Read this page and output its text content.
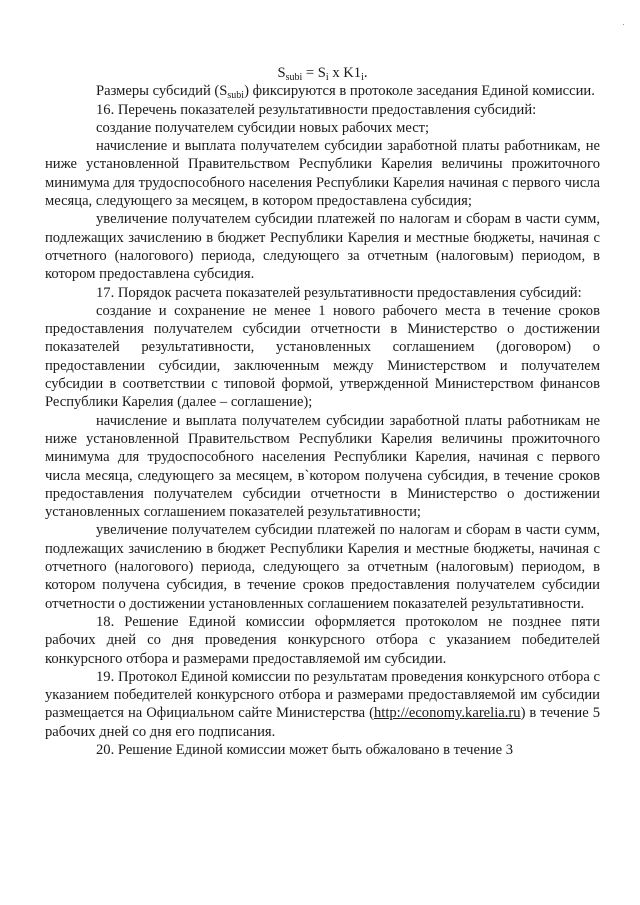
$S_{subi} = S_i$ x $K1_i$.

Размеры субсидий $(S_{subi})$ фиксируются в протоколе заседания Единой комиссии.

16. Перечень показателей результативности предоставления субсидий:

создание получателем субсидии новых рабочих мест;

начисление и выплата получателем субсидии заработной платы работникам, не ниже установленной Правительством Республики Карелия величины прожиточного минимума для трудоспособного населения Республики Карелия начиная с первого числа месяца, следующего за месяцем, в котором предоставлена субсидия;

увеличение получателем субсидии платежей по налогам и сборам в части сумм, подлежащих зачислению в бюджет Республики Карелия и местные бюджеты, начиная с отчетного (налогового) периода, следующего за отчетным (налоговым) периодом, в котором предоставлена субсидия.

17. Порядок расчета показателей результативности предоставления субсидий:

создание и сохранение не менее 1 нового рабочего места в течение сроков предоставления получателем субсидии отчетности в Министерство о достижении показателей результативности, установленных соглашением (договором) о предоставлении субсидии, заключенным между Министерством и получателем субсидии в соответствии с типовой формой, утвержденной Министерством финансов Республики Карелия (далее – соглашение);

начисление и выплата получателем субсидии заработной платы работникам не ниже установленной Правительством Республики Карелия величины прожиточного минимума для трудоспособного населения Республики Карелия, начиная с первого числа месяца, следующего за месяцем, в`котором получена субсидия, в течение сроков предоставления получателем субсидии отчетности в Министерство о достижении установленных соглашением показателей результативности;

увеличение получателем субсидии платежей по налогам и сборам в части сумм, подлежащих зачислению в бюджет Республики Карелия и местные бюджеты, начиная с отчетного (налогового) периода, следующего за отчетным (налоговым) периодом, в котором получена субсидия, в течение сроков предоставления получателем субсидии отчетности о достижении установленных соглашением показателей результативности.

18. Решение Единой комиссии оформляется протоколом не позднее пяти рабочих дней со дня проведения конкурсного отбора с указанием победителей конкурсного отбора и размерами предоставляемой им субсидии.

19. Протокол Единой комиссии по результатам проведения конкурсного отбора с указанием победителей конкурсного отбора и размерами предоставляемой им субсидии размещается на Официальном сайте Министерства (http://economy.karelia.ru) в течение 5 рабочих дней со дня его подписания.

20. Решение Единой комиссии может быть обжаловано в течение 3
